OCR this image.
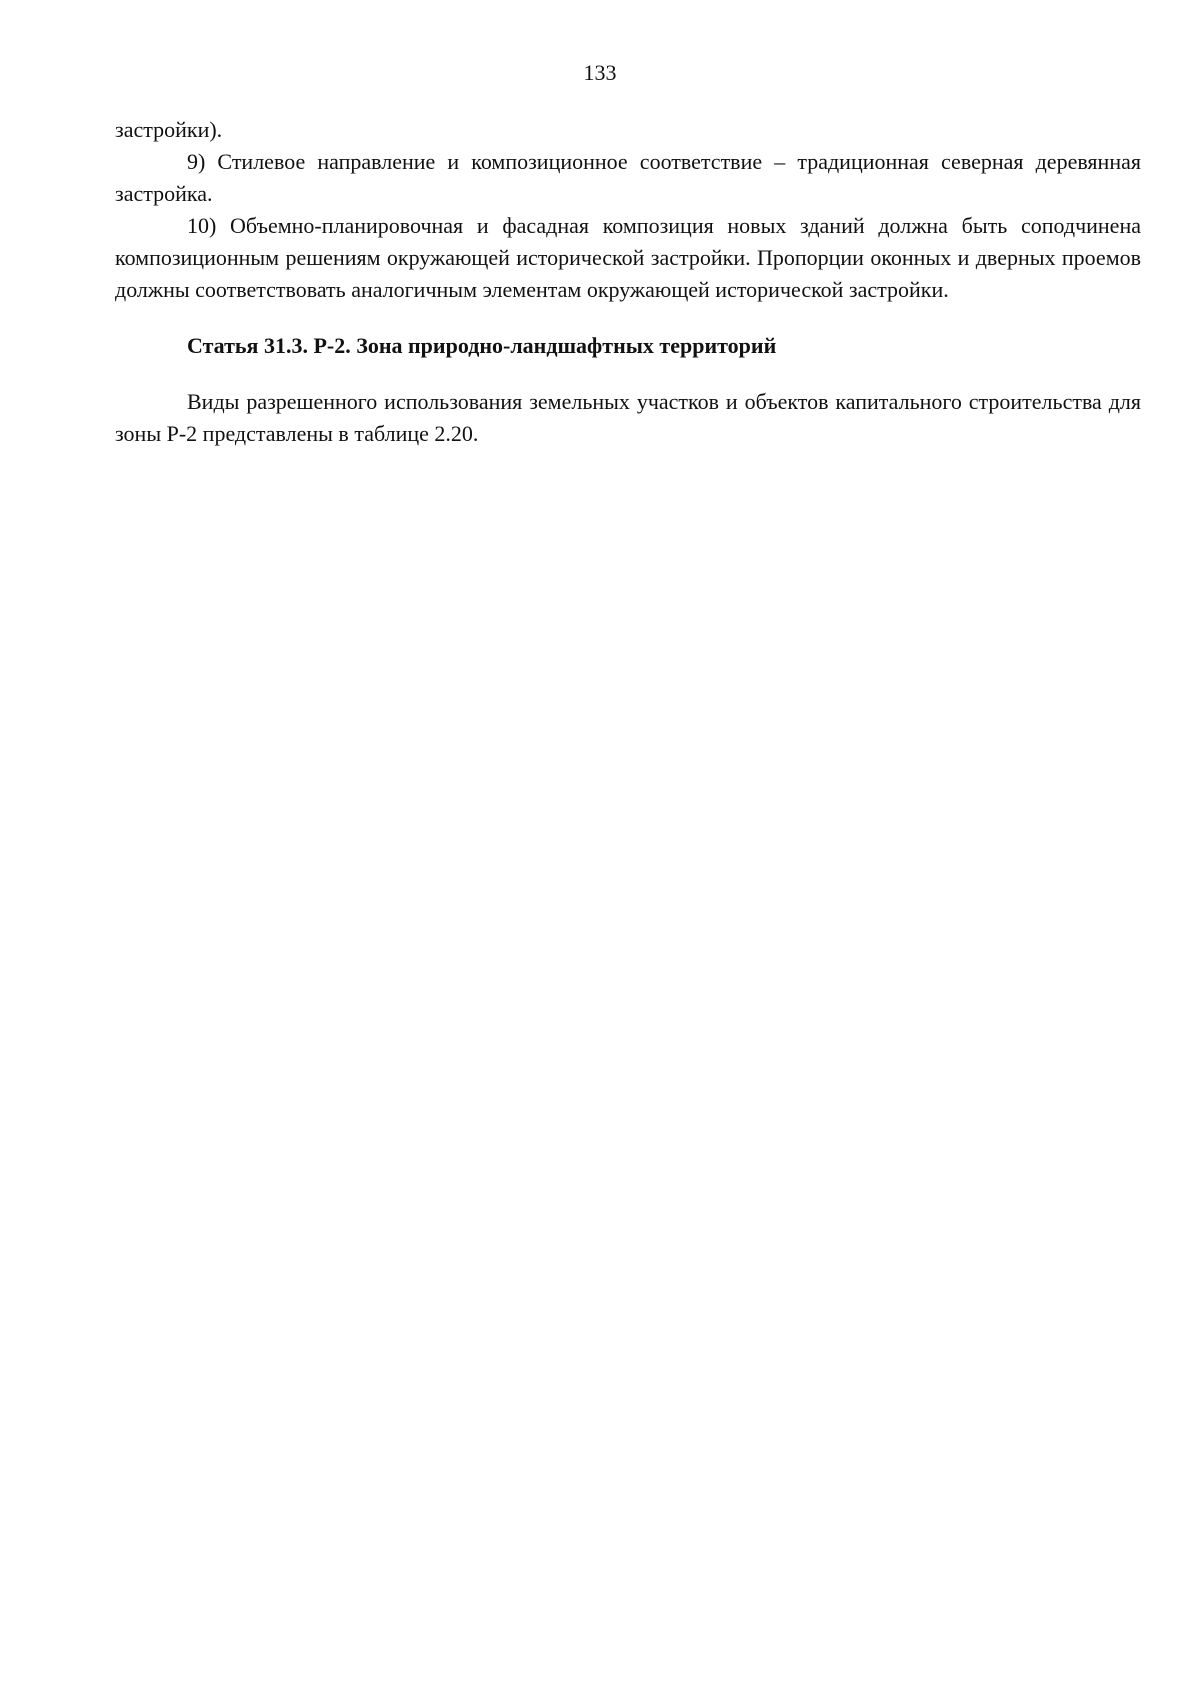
133

застройки).

9) Стилевое направление и композиционное соответствие – традиционная северная деревянная застройка.

10) Объемно-планировочная и фасадная композиция новых зданий должна быть соподчинена композиционным решениям окружающей исторической застройки. Пропорции оконных и дверных проемов должны соответствовать аналогичным элементам окружающей исторической застройки.

Статья 31.3. Р-2. Зона природно-ландшафтных территорий

Виды разрешенного использования земельных участков и объектов капитального строительства для зоны Р-2 представлены в таблице 2.20.
